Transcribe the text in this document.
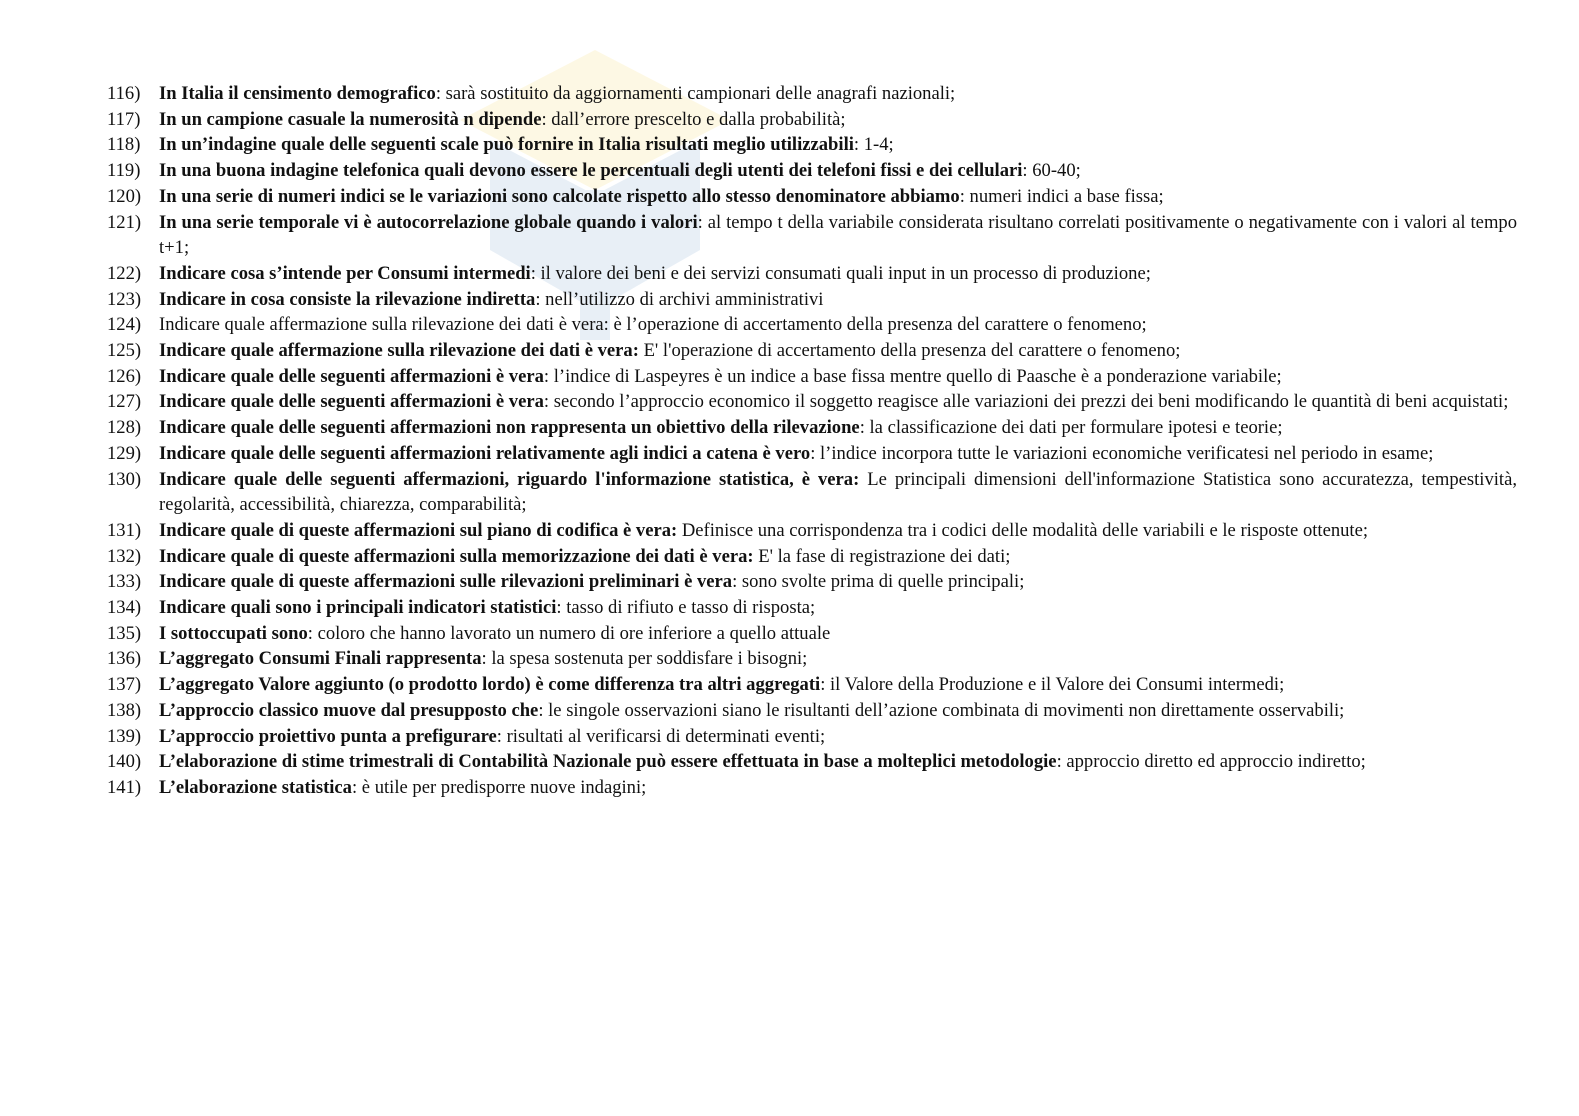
116) In Italia il censimento demografico: sarà sostituito da aggiornamenti campionari delle anagrafi nazionali;
117) In un campione casuale la numerosità n dipende: dall’errore prescelto e dalla probabilità;
118) In un’indagine quale delle seguenti scale può fornire in Italia risultati meglio utilizzabili: 1-4;
119) In una buona indagine telefonica quali devono essere le percentuali degli utenti dei telefoni fissi e dei cellulari: 60-40;
120) In una serie di numeri indici se le variazioni sono calcolate rispetto allo stesso denominatore abbiamo: numeri indici a base fissa;
121) In una serie temporale vi è autocorrelazione globale quando i valori: al tempo t della variabile considerata risultano correlati positivamente o negativamente con i valori al tempo t+1;
122) Indicare cosa s’intende per Consumi intermedi: il valore dei beni e dei servizi consumati quali input in un processo di produzione;
123) Indicare in cosa consiste la rilevazione indiretta: nell’utilizzo di archivi amministrativi
124) Indicare quale affermazione sulla rilevazione dei dati è vera: è l’operazione di accertamento della presenza del carattere o fenomeno;
125) Indicare quale affermazione sulla rilevazione dei dati è vera: E' l'operazione di accertamento della presenza del carattere o fenomeno;
126) Indicare quale delle seguenti affermazioni è vera: l’indice di Laspeyres è un indice a base fissa mentre quello di Paasche è a ponderazione variabile;
127) Indicare quale delle seguenti affermazioni è vera: secondo l’approccio economico il soggetto reagisce alle variazioni dei prezzi dei beni modificando le quantità di beni acquistati;
128) Indicare quale delle seguenti affermazioni non rappresenta un obiettivo della rilevazione: la classificazione dei dati per formulare ipotesi e teorie;
129) Indicare quale delle seguenti affermazioni relativamente agli indici a catena è vero: l’indice incorpora tutte le variazioni economiche verificatesi nel periodo in esame;
130) Indicare quale delle seguenti affermazioni, riguardo l'informazione statistica, è vera: Le principali dimensioni dell'informazione Statistica sono accuratezza, tempestività, regolarità, accessibilità, chiarezza, comparabilità;
131) Indicare quale di queste affermazioni sul piano di codifica è vera: Definisce una corrispondenza tra i codici delle modalità delle variabili e le risposte ottenute;
132) Indicare quale di queste affermazioni sulla memorizzazione dei dati è vera: E' la fase di registrazione dei dati;
133) Indicare quale di queste affermazioni sulle rilevazioni preliminari è vera: sono svolte prima di quelle principali;
134) Indicare quali sono i principali indicatori statistici: tasso di rifiuto e tasso di risposta;
135) I sottoccupati sono: coloro che hanno lavorato un numero di ore inferiore a quello attuale
136) L’aggregato Consumi Finali rappresenta: la spesa sostenuta per soddisfare i bisogni;
137) L’aggregato Valore aggiunto (o prodotto lordo) è come differenza tra altri aggregati: il Valore della Produzione e il Valore dei Consumi intermedi;
138) L’approccio classico muove dal presupposto che: le singole osservazioni siano le risultanti dell’azione combinata di movimenti non direttamente osservabili;
139) L’approccio proiettivo punta a prefigurare: risultati al verificarsi di determinati eventi;
140) L’elaborazione di stime trimestrali di Contabilità Nazionale può essere effettuata in base a molteplici metodologie: approccio diretto ed approccio indiretto;
141) L’elaborazione statistica: è utile per predisporre nuove indagini;
